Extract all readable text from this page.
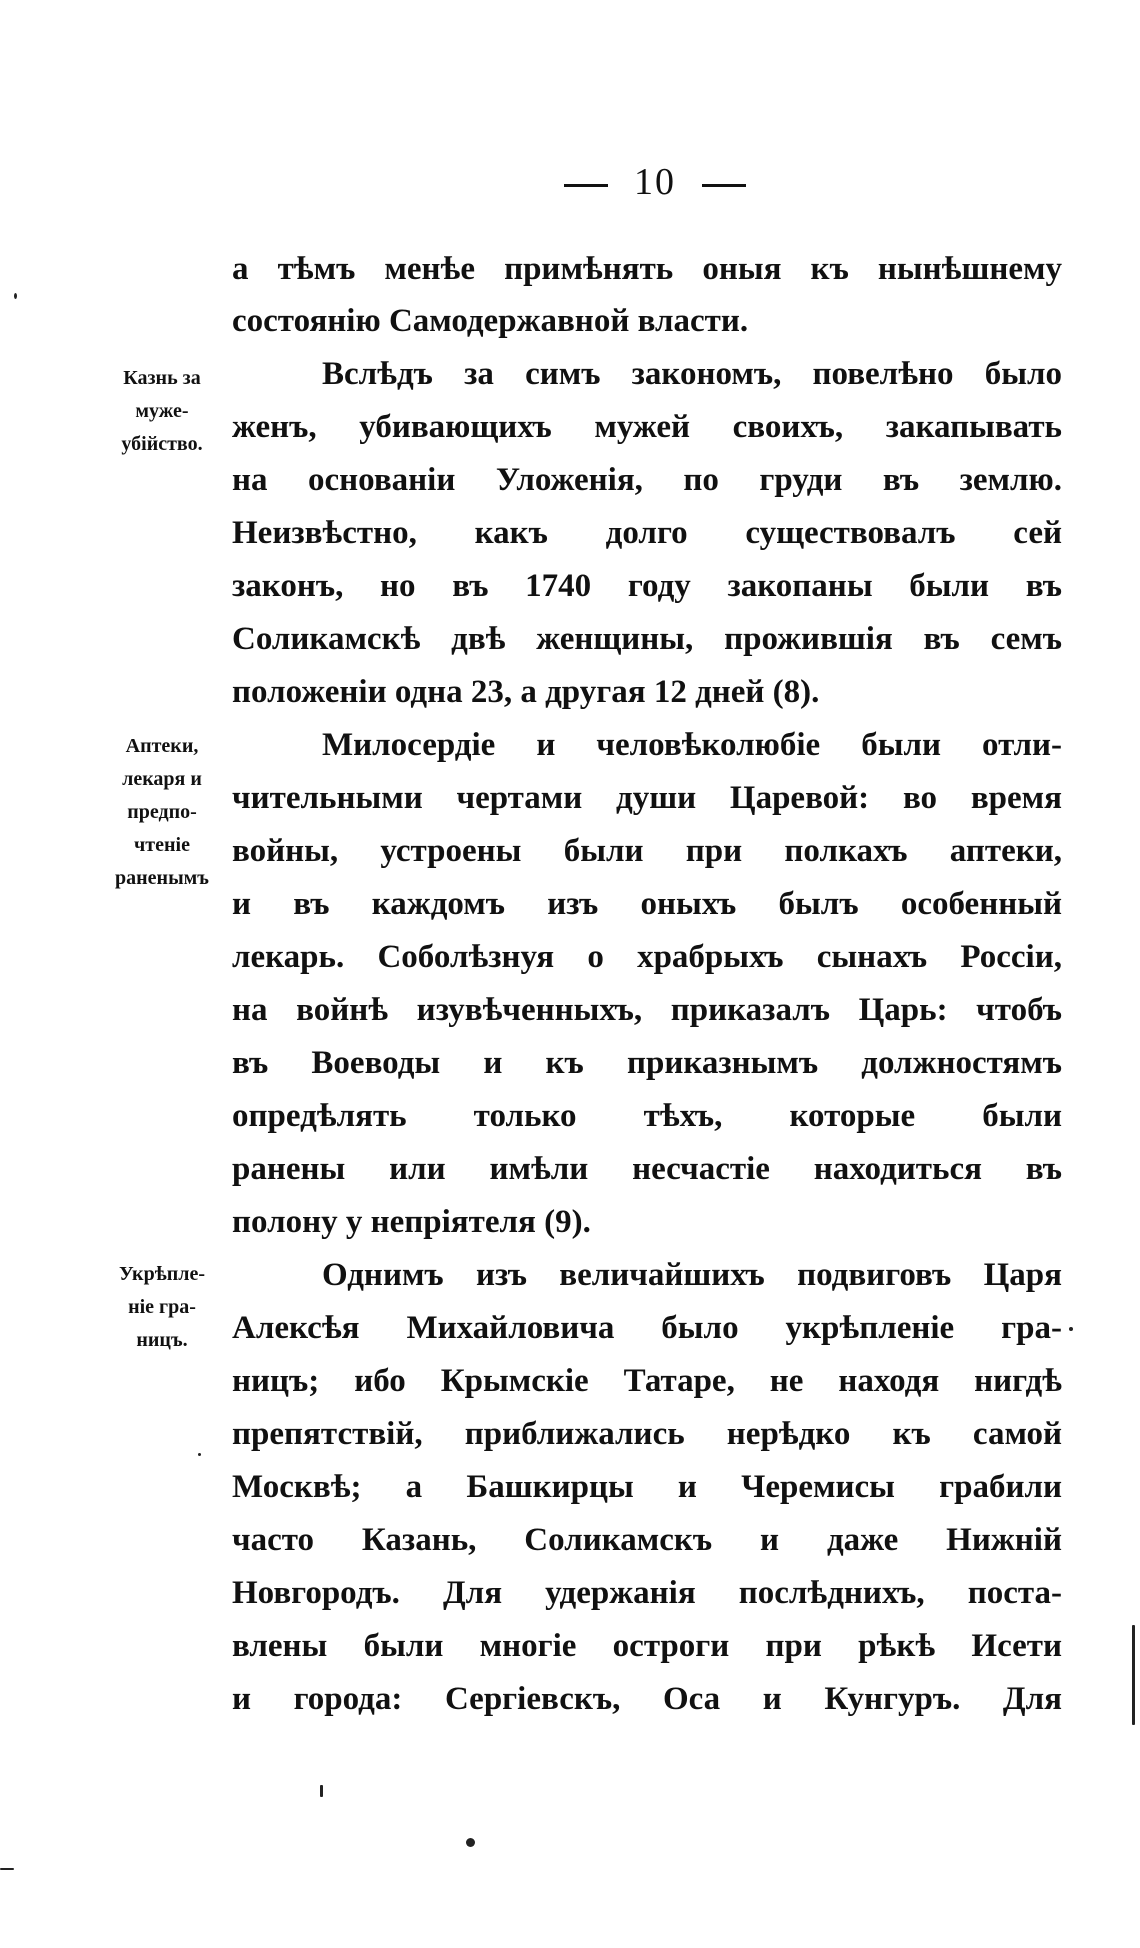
10
а тѣмъ менѣе примѣнять оныя къ нынѣшнему
состоянію Самодержавной власти.
Вслѣдъ за симъ закономъ, повелѣно было
женъ, убивающихъ мужей своихъ, закапывать
на основаніи Уложенія, по груди въ землю.
Неизвѣстно, какъ долго существовалъ сей
законъ, но въ 1740 году закопаны были въ
Соликамскѣ двѣ женщины, прожившія въ семъ
положеніи одна 23, а другая 12 дней (8).
Милосердіе и человѣколюбіе были отли-
чительными чертами души Царевой: во время
войны, устроены были при полкахъ аптеки,
и въ каждомъ изъ оныхъ былъ особенный
лекарь. Соболѣзнуя о храбрыхъ сынахъ Россіи,
на войнѣ изувѣченныхъ, приказалъ Царь: чтобъ
въ Воеводы и къ приказнымъ должностямъ
опредѣлять только тѣхъ, которые были
ранены или имѣли несчастіе находиться въ
полону у непріятеля (9).
Однимъ изъ величайшихъ подвиговъ Царя
Алексѣя Михайловича было укрѣпленіе гра-
ницъ; ибо Крымскіе Татаре, не находя нигдѣ
препятствій, приближались нерѣдко къ самой
Москвѣ; а Башкирцы и Черемисы грабили
часто Казань, Соликамскъ и даже Нижній
Новгородъ. Для удержанія послѣднихъ, поста-
влены были многіе остроги при рѣкѣ Исети
и города: Сергіевскъ, Оса и Кунгуръ. Для
Казнь за
муже-
убійство.
Аптеки,
лекаря и
предпо-
чтеніе
раненымъ
Укрѣпле-
ніе гра-
ницъ.
